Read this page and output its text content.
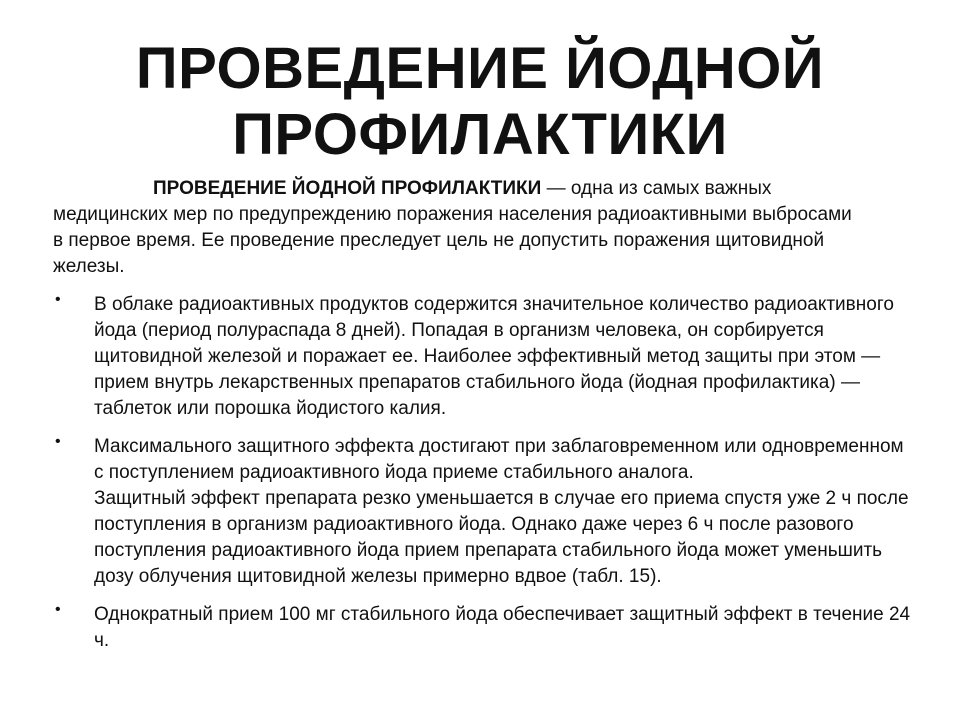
ПРОВЕДЕНИЕ ЙОДНОЙ
ПРОФИЛАКТИКИ

ПРОВЕДЕНИЕ ЙОДНОЙ ПРОФИЛАКТИКИ — одна из самых важных медицинских мер по предупреждению поражения населения радиоактивными выбросами в первое время. Ее проведение преследует цель не допустить поражения щитовидной железы.

• В облаке радиоактивных продуктов содержится значительное количество радиоактивного йода (период полураспада 8 дней). Попадая в организм человека, он сорбируется щитовидной железой и поражает ее. Наиболее эффективный метод защиты при этом — прием внутрь лекарственных препаратов стабильного йода (йодная профилактика) — таблеток или порошка йодистого калия.

• Максимального защитного эффекта достигают при заблаговременном или одновременном с поступлением радиоактивного йода приеме стабильного аналога.

Защитный эффект препарата резко уменьшается в случае его приема спустя уже 2 ч после поступления в организм радиоактивного йода. Однако даже через 6 ч после разового поступления радиоактивного йода прием препарата стабильного йода может уменьшить дозу облучения щитовидной железы примерно вдвое (табл. 15).

• Однократный прием 100 мг стабильного йода обеспечивает защитный эффект в течение 24 ч.
